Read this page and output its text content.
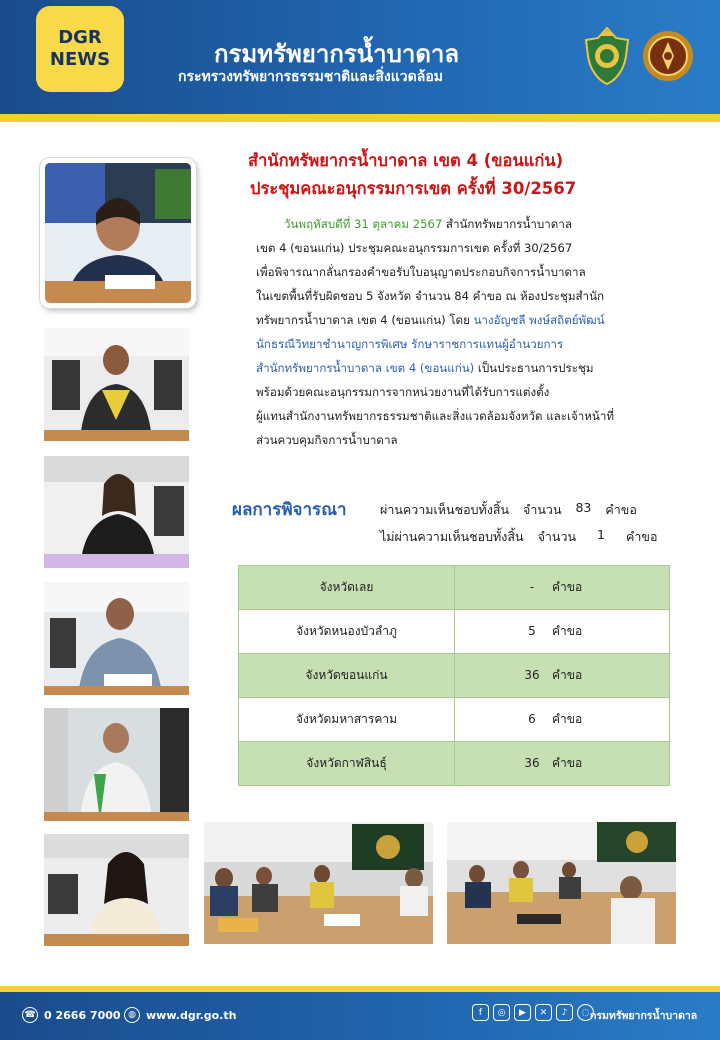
DGR
NEWS	กรมทรัพยากรน้ำบาดาล
กระทรวงทรัพยากรธรรมชาติและสิ่งแวดล้อม
สำนักทรัพยากรน้ำบาดาล เขต 4 (ขอนแก่น)
ประชุมคณะอนุกรรมการเขต ครั้งที่ 30/2567
วันพฤหัสบดีที่ 31 ตุลาคม 2567 สำนักทรัพยากรน้ำบาดาล
เขต 4 (ขอนแก่น) ประชุมคณะอนุกรรมการเขต ครั้งที่ 30/2567
เพื่อพิจารณากลั่นกรองคำขอรับใบอนุญาตประกอบกิจการน้ำบาดาล
ในเขตพื้นที่รับผิดชอบ 5 จังหวัด จำนวน 84 คำขอ ณ ห้องประชุมสำนัก
ทรัพยากรน้ำบาดาล เขต 4 (ขอนแก่น) โดย นางอัญชลี พงษ์สถิตย์พัฒน์
นักธรณีวิทยาชำนาญการพิเศษ รักษาราชการแทนผู้อำนวยการ
สำนักทรัพยากรน้ำบาดาล เขต 4 (ขอนแก่น) เป็นประธานการประชุม
พร้อมด้วยคณะอนุกรรมการจากหน่วยงานที่ได้รับการแต่งตั้ง
ผู้แทนสำนักงานทรัพยากรธรรมชาติและสิ่งแวดล้อมจังหวัด และเจ้าหน้าที่
ส่วนควบคุมกิจการน้ำบาดาล
ผลการพิจารณา	ผ่านความเห็นชอบทั้งสิ้น จำนวน 83 คำขอ
ไม่ผ่านความเห็นชอบทั้งสิ้น จำนวน	1	คำขอ
จังหวัดเลย	- คำขอ
จังหวัดหนองบัวลำภู	5 คำขอ
จังหวัดขอนแก่น	36 คำขอ
จังหวัดมหาสารคาม	6 คำขอ
จังหวัดกาฬสินธุ์	36 คำขอ
☎ 0 2666 7000 ◍ www.dgr.go.th	f	◎	▶	✕	♪	◌ กรมทรัพยากรน้ำบาดาล
